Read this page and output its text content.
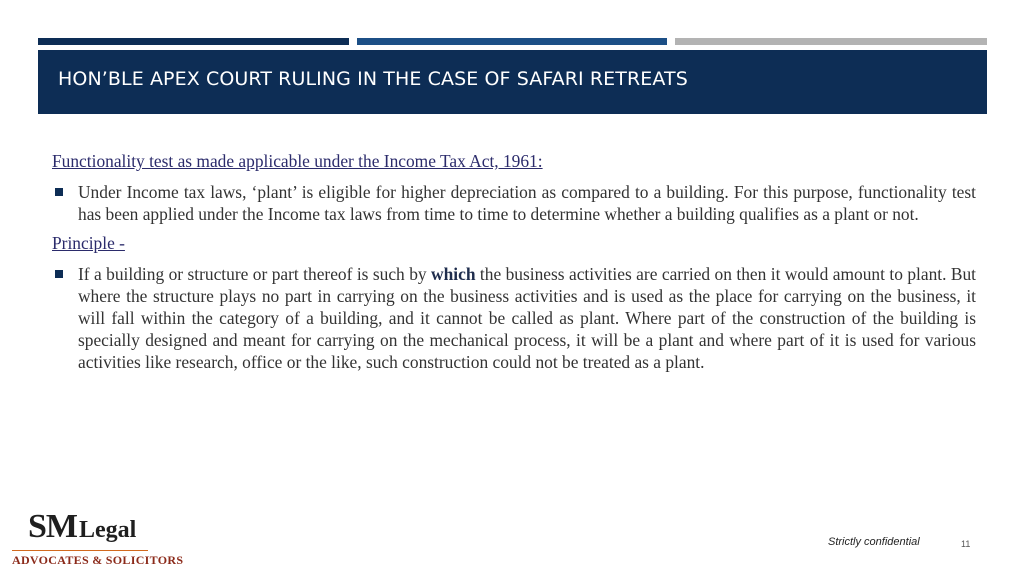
HON’BLE APEX COURT RULING IN THE CASE OF SAFARI RETREATS

Functionality test as made applicable under the Income Tax Act, 1961:

Under Income tax laws, ‘plant’ is eligible for higher depreciation as compared to a building. For this purpose, functionality test has been applied under the Income tax laws from time to time to determine whether a building qualifies as a plant or not.

Principle -

If a building or structure or part thereof is such by which the business activities are carried on then it would amount to plant. But where the structure plays no part in carrying on the business activities and is used as the place for carrying on the business, it will fall within the category of a building, and it cannot be called as plant. Where part of the construction of the building is specially designed and meant for carrying on the mechanical process, it will be a plant and where part of it is used for various activities like research, office or the like, such construction could not be treated as a plant.

SMLegal
ADVOCATES & SOLICITORS
Strictly confidential	11
